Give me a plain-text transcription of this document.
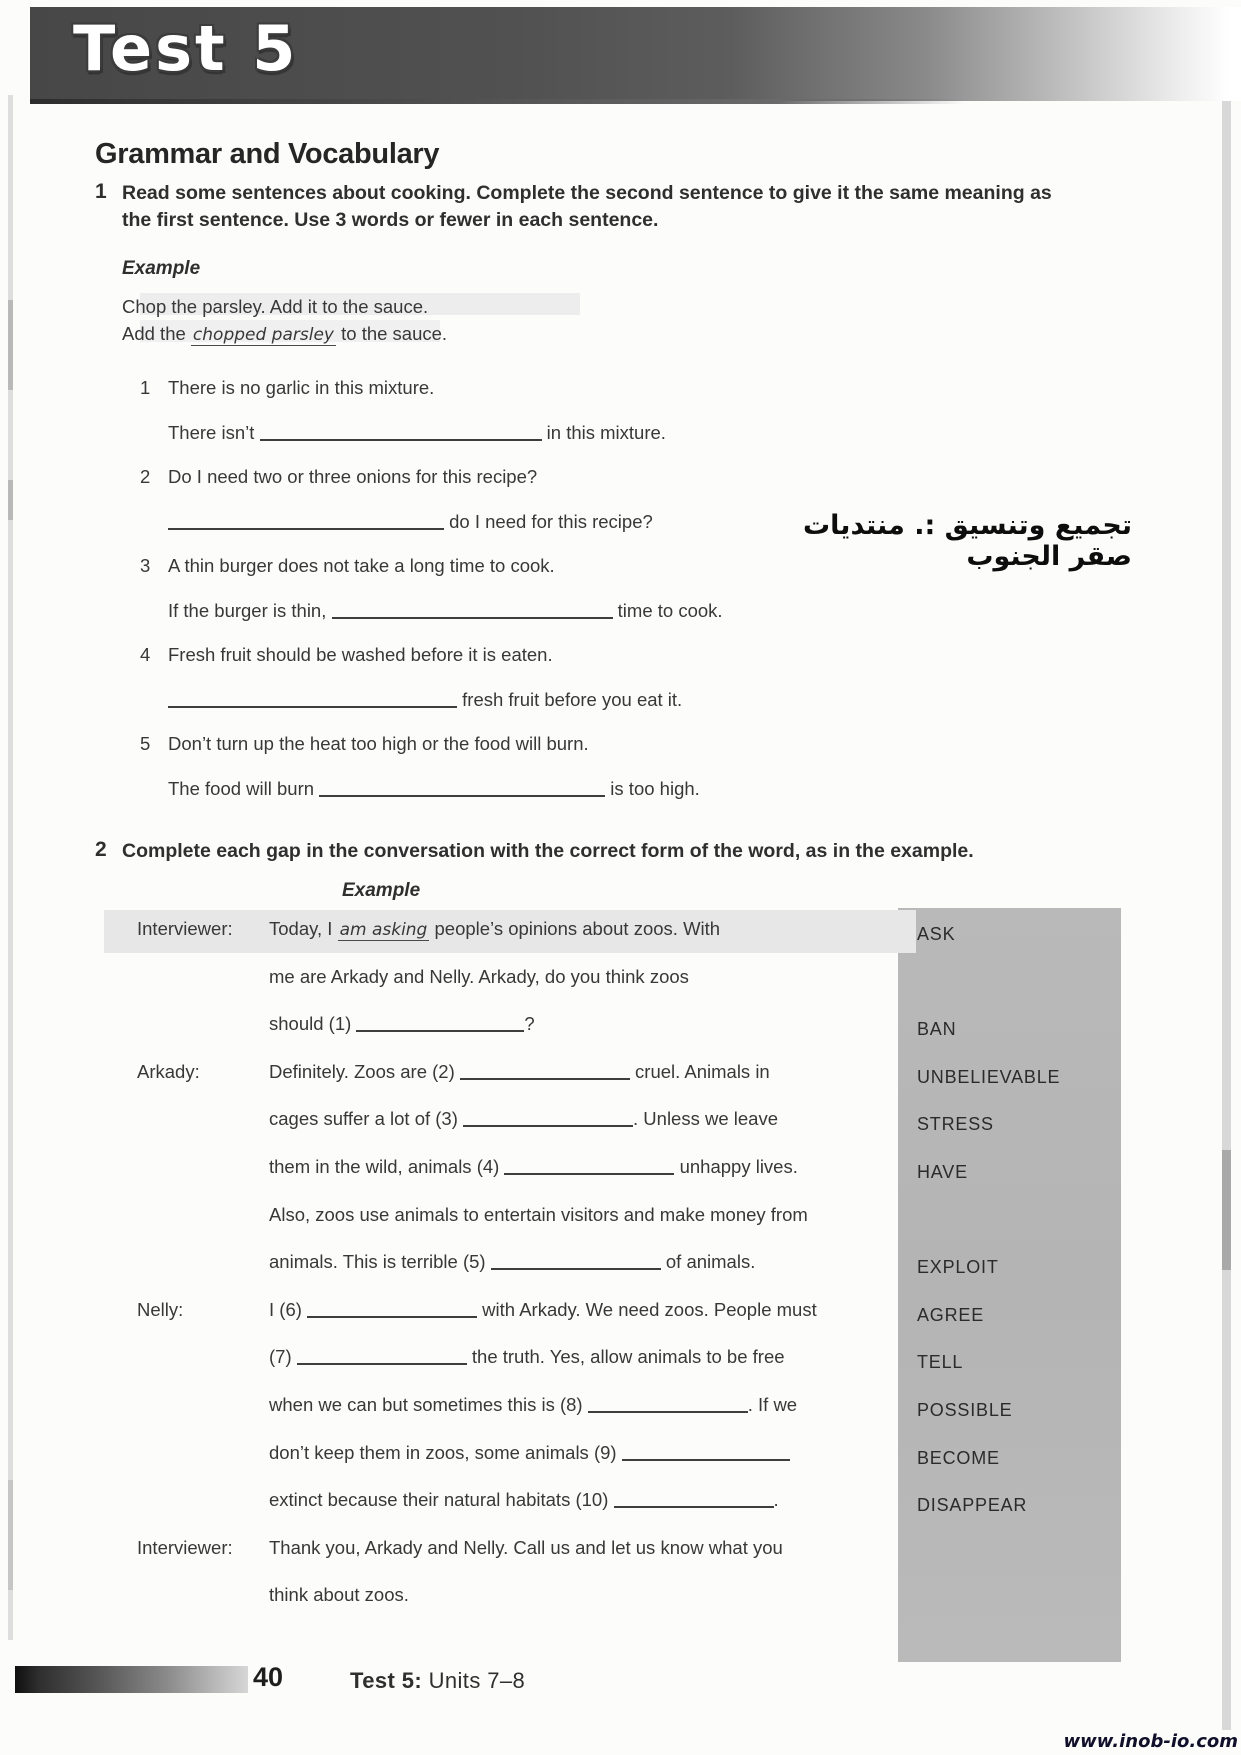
Test 5
Grammar and Vocabulary
1 Read some sentences about cooking. Complete the second sentence to give it the same meaning as the first sentence. Use 3 words or fewer in each sentence.
Example
Chop the parsley. Add it to the sauce.
Add the chopped parsley to the sauce.
1 There is no garlic in this mixture.
There isn’t	in this mixture.
2 Do I need two or three onions for this recipe?
do I need for this recipe?
3 A thin burger does not take a long time to cook.
If the burger is thin,	time to cook.
4 Fresh fruit should be washed before it is eaten.
fresh fruit before you eat it.
5 Don’t turn up the heat too high or the food will burn.
The food will burn	is too high.
تجميع وتنسيق :. منتديات صقر الجنوب
2 Complete each gap in the conversation with the correct form of the word, as in the example.
Example
ASK
BAN
UNBELIEVABLE
STRESS
HAVE
EXPLOIT
AGREE
TELL
POSSIBLE
BECOME
DISAPPEAR
Interviewer: Today, I am asking people’s opinions about zoos. With
me are Arkady and Nelly. Arkady, do you think zoos
should (1)	?
Arkady:	Definitely. Zoos are (2)	cruel. Animals in
cages suffer a lot of (3)	. Unless we leave
them in the wild, animals (4)	unhappy lives.
Also, zoos use animals to entertain visitors and make money from
animals. This is terrible (5)	of animals.
Nelly:	I (6)	with Arkady. We need zoos. People must
(7)	the truth. Yes, allow animals to be free
when we can but sometimes this is (8)	. If we
don’t keep them in zoos, some animals (9)
extinct because their natural habitats (10)	.
Interviewer: Thank you, Arkady and Nelly. Call us and let us know what you
think about zoos.
40	Test 5: Units 7–8
www.inob-io.com
